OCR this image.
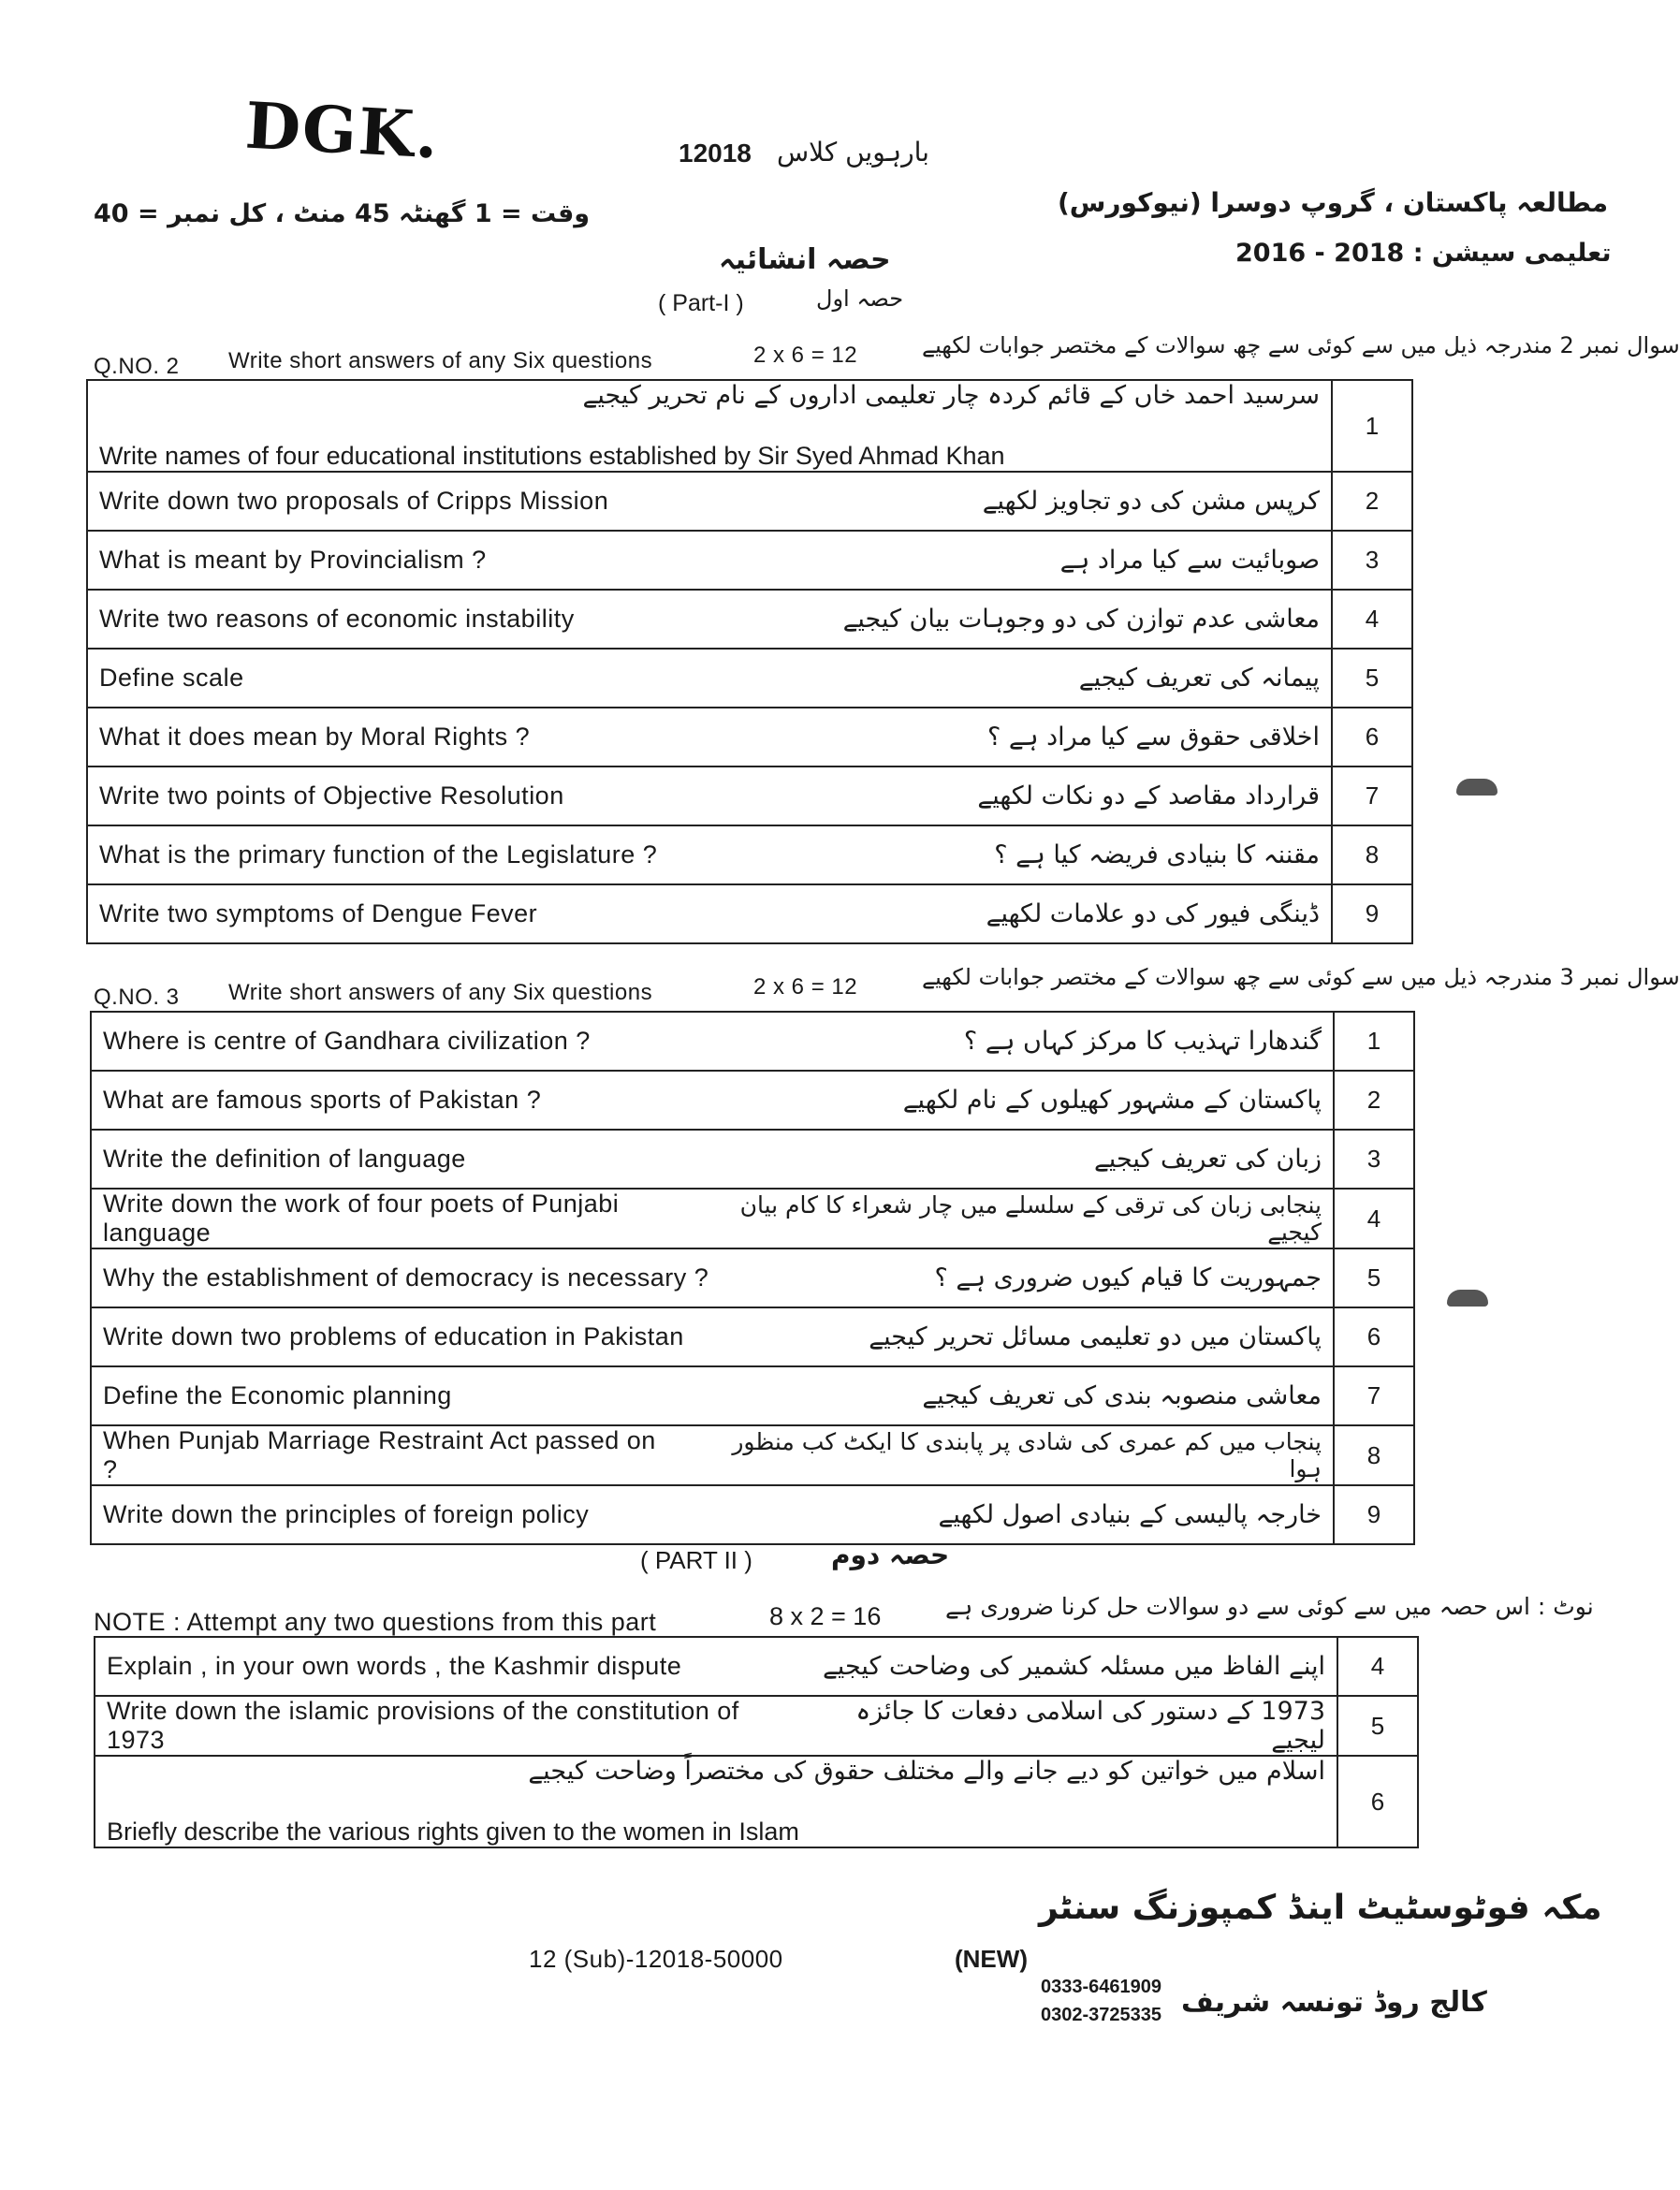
DGK.	12018 بارہویں کلاس
مطالعہ پاکستان ، گروپ دوسرا (نیوکورس)
وقت = 1 گھنٹہ 45 منٹ ، کل نمبر = 40
تعلیمی سیشن : 2018 - 2016
حصہ انشائیہ
( Part-I )	حصہ اول
Q.NO. 2 Write short answers of any Six questions	2 x 6 = 12	سوال نمبر 2 مندرجہ ذیل میں سے کوئی سے چھ سوالات کے مختصر جوابات لکھیے
سرسید احمد خاں کے قائم کردہ چار تعلیمی اداروں کے نام تحریر کیجیے
Write names of four educational institutions established by Sir Syed Ahmad Khan	1

Write down two proposals of Cripps Mission کرپس مشن کی دو تجاویز لکھیے	2

What is meant by Provincialism ? صوبائیت سے کیا مراد ہے	3

Write two reasons of economic instability معاشی عدم توازن کی دو وجوہات بیان کیجیے	4

Define scale پیمانہ کی تعریف کیجیے	5

What it does mean by Moral Rights ? اخلاقی حقوق سے کیا مراد ہے ؟	6

Write two points of Objective Resolution قرارداد مقاصد کے دو نکات لکھیے	7

What is the primary function of the Legislature ? مقننہ کا بنیادی فریضہ کیا ہے ؟	8

Write two symptoms of Dengue Fever ڈینگی فیور کی دو علامات لکھیے	9
Q.NO. 3 Write short answers of any Six questions	2 x 6 = 12	سوال نمبر 3 مندرجہ ذیل میں سے کوئی سے چھ سوالات کے مختصر جوابات لکھیے
Where is centre of Gandhara civilization ? گندھارا تہذیب کا مرکز کہاں ہے ؟	1

What are famous sports of Pakistan ? پاکستان کے مشہور کھیلوں کے نام لکھیے	2

Write the definition of language زبان کی تعریف کیجیے	3

Write down the work of four poets of Punjabi language
پنجابی زبان کی ترقی کے سلسلے میں چار شعراء کا کام بیان کیجیے	4

Why the establishment of democracy is necessary ? جمہوریت کا قیام کیوں ضروری ہے ؟	5

Write down two problems of education in Pakistan پاکستان میں دو تعلیمی مسائل تحریر کیجیے	6

Define the Economic planning معاشی منصوبہ بندی کی تعریف کیجیے	7

When Punjab Marriage Restraint Act passed on ?
پنجاب میں کم عمری کی شادی پر پابندی کا ایکٹ کب منظور ہوا	8

Write down the principles of foreign policy خارجہ پالیسی کے بنیادی اصول لکھیے	9
( PART II )	حصہ دوم
NOTE : Attempt any two questions from this part	8 x 2 = 16	نوٹ : اس حصہ میں سے کوئی سے دو سوالات حل کرنا ضروری ہے
Explain , in your own words , the Kashmir dispute اپنے الفاظ میں مسئلہ کشمیر کی وضاحت کیجیے	4

Write down the islamic provisions of the constitution of 1973
1973 کے دستور کی اسلامی دفعات کا جائزہ لیجیے	5

اسلام میں خواتین کو دیے جانے والے مختلف حقوق کی مختصراً وضاحت کیجیے
Briefly describe the various rights given to the women in Islam	6
12 (Sub)-12018-50000	(NEW)
مکہ فوٹوسٹیٹ اینڈ کمپوزنگ سنٹر
0333-6461909
0302-3725335 کالج روڈ تونسہ شریف
